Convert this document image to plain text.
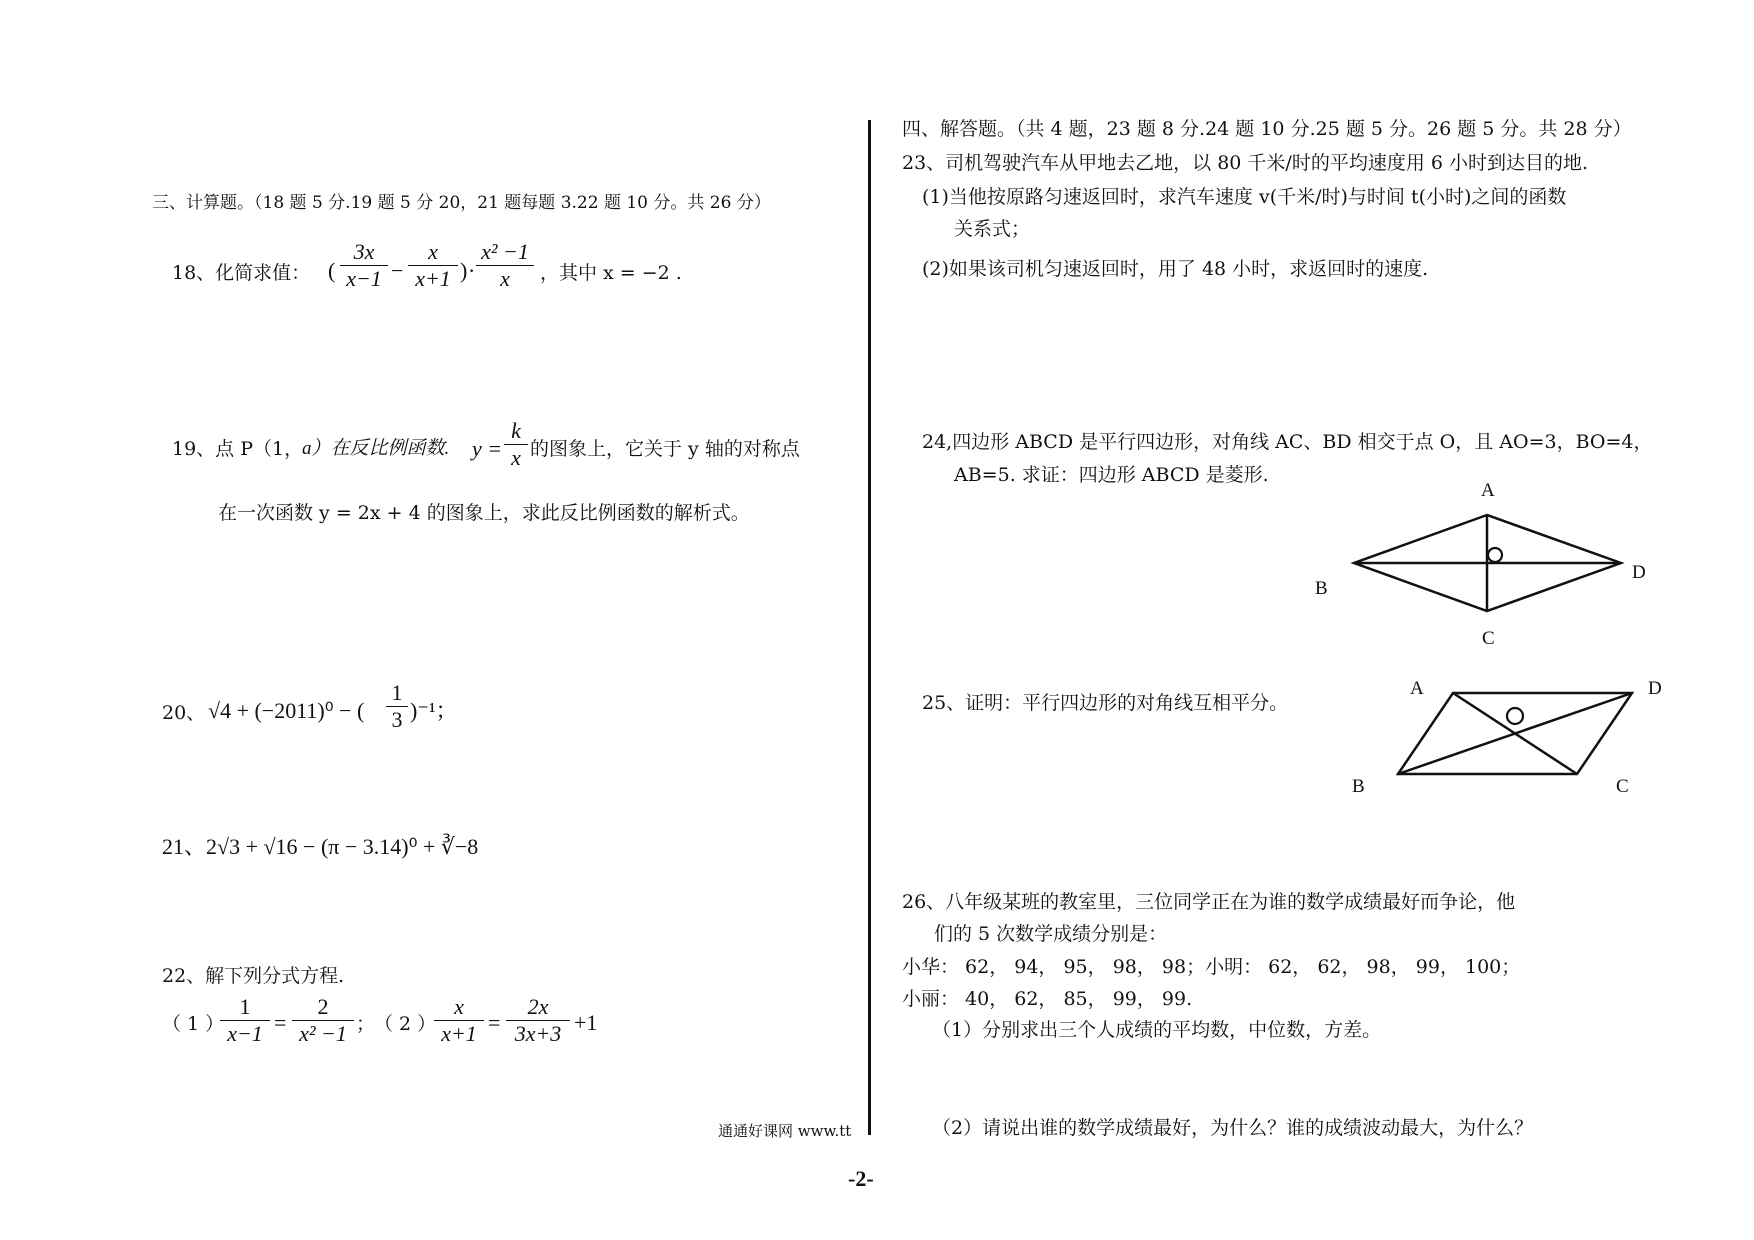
三、计算题。（18 题 5 分.19 题 5 分 20，21 题每题 3.22 题 10 分。共 26 分）
18、化简求值： (
3x
x−1 −
x
x+1 ) ·
x² −1
x	，其中 x = −2 .
19、点 P（1，
a）在反比例函数. y =
k
x 的图象上，它关于 y 轴的对称点
在一次函数 y = 2x + 4 的图象上，求此反比例函数的解析式。
20、 √4 + (−2011)⁰ − (
1
3 )⁻¹；
21、2√3 + √16 − (π − 3.14)⁰ + ∛−8
22、解下列分式方程.
（ 1 ）
1
x−1 =
2
x² −1 ；
（ 2 ）
x
x+1 =
2x
3x+3 +1
通通好课网 www.tt
四、解答题。（共 4 题，23 题 8 分.24 题 10 分.25 题 5 分。26 题 5 分。共 28 分）
23、司机驾驶汽车从甲地去乙地，以 80 千米/时的平均速度用 6 小时到达目的地.
(1)当他按原路匀速返回时，求汽车速度 v(千米/时)与时间 t(小时)之间的函数
关系式；
(2)如果该司机匀速返回时，用了 48 小时，求返回时的速度.
24,四边形 ABCD 是平行四边形，对角线 AC、BD 相交于点 O，且 AO=3，BO=4，
AB=5. 求证：四边形 ABCD 是菱形.
A
B
C
D
25、证明：平行四边形的对角线互相平分。
A
B	C
D
26、八年级某班的教室里，三位同学正在为谁的数学成绩最好而争论，他
们的 5 次数学成绩分别是：
小华： 62， 94， 95， 98， 98；小明： 62， 62， 98， 99， 100；
小丽： 40， 62， 85， 99， 99.
（1）分别求出三个人成绩的平均数，中位数，方差。
（2）请说出谁的数学成绩最好，为什么？谁的成绩波动最大，为什么？
-2-
